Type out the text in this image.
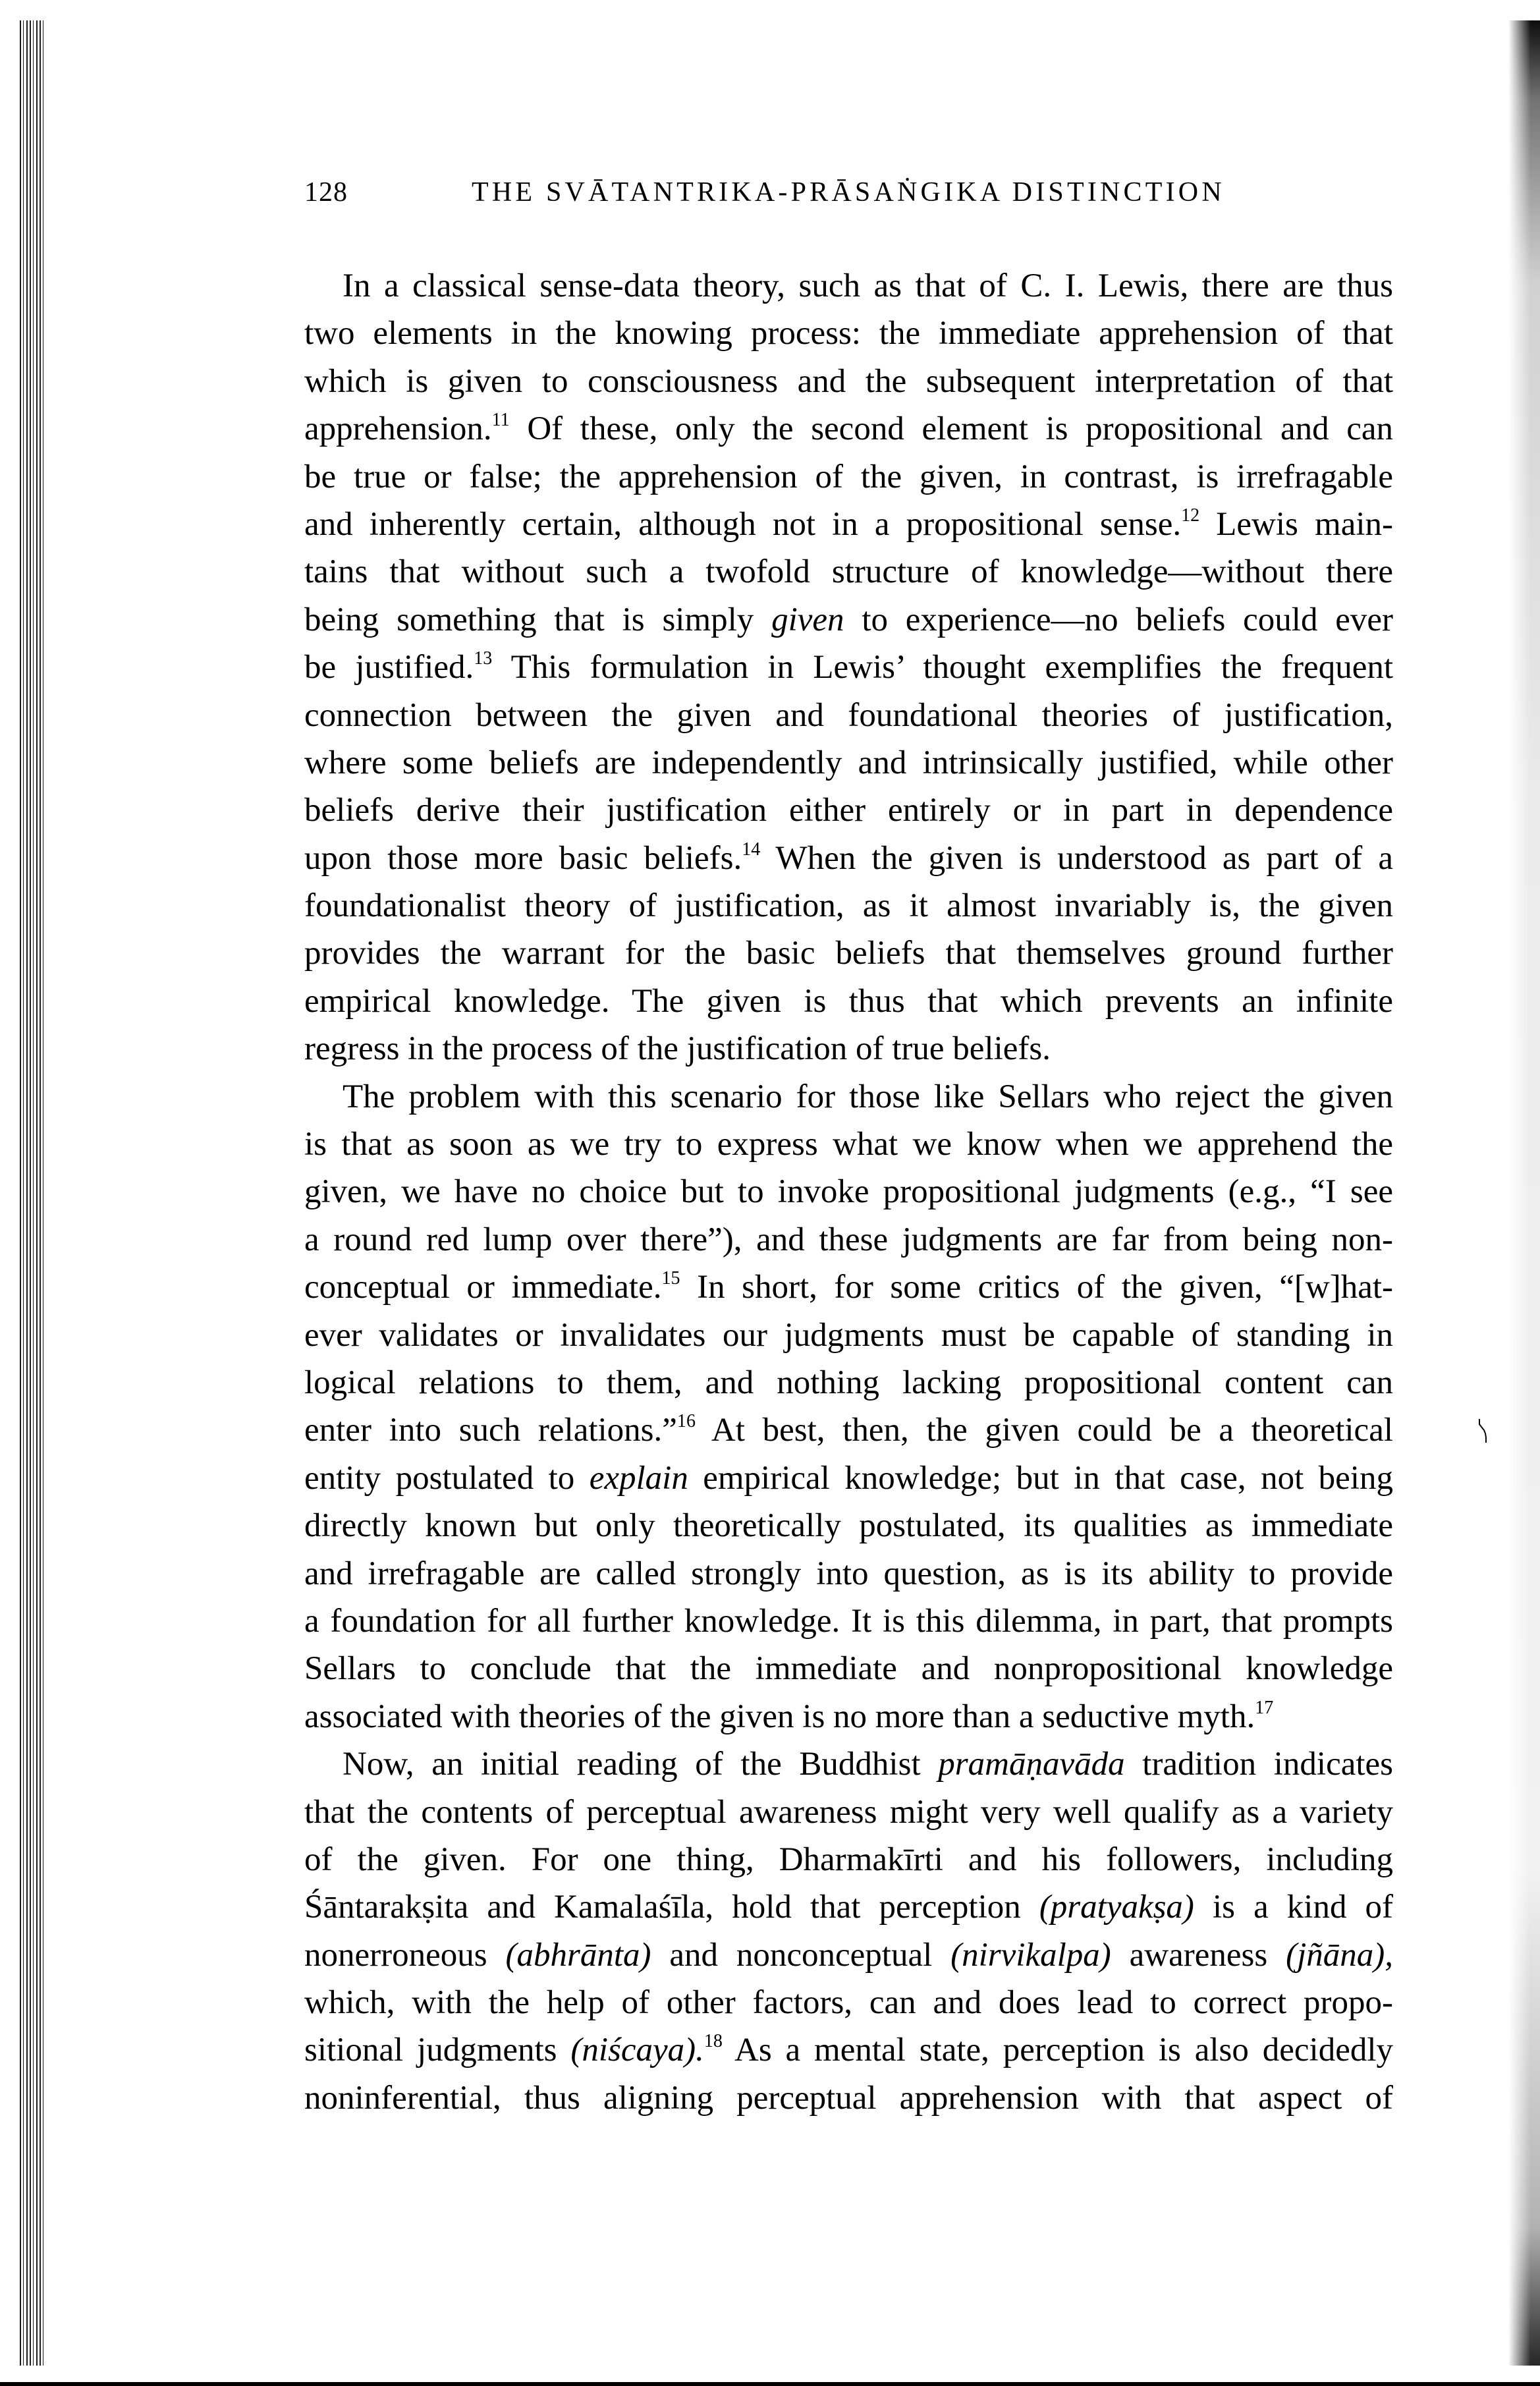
128	THE SVĀTANTRIKA-PRĀSAṄGIKA DISTINCTION
In a classical sense-data theory, such as that of C. I. Lewis, there are thus
two elements in the knowing process: the immediate apprehension of that
which is given to consciousness and the subsequent interpretation of that
apprehension.$^{11}$ Of these, only the second element is propositional and can
be true or false; the apprehension of the given, in contrast, is irrefragable
and inherently certain, although not in a propositional sense.$^{12}$ Lewis main-
tains that without such a twofold structure of knowledge—without there
being something that is simply given to experience—no beliefs could ever
be justified.$^{13}$ This formulation in Lewis’ thought exemplifies the frequent
connection between the given and foundational theories of justification,
where some beliefs are independently and intrinsically justified, while other
beliefs derive their justification either entirely or in part in dependence
upon those more basic beliefs.$^{14}$ When the given is understood as part of a
foundationalist theory of justification, as it almost invariably is, the given
provides the warrant for the basic beliefs that themselves ground further
empirical knowledge. The given is thus that which prevents an infinite
regress in the process of the justification of true beliefs.
The problem with this scenario for those like Sellars who reject the given
is that as soon as we try to express what we know when we apprehend the
given, we have no choice but to invoke propositional judgments (e.g., “I see
a round red lump over there”), and these judgments are far from being non-
conceptual or immediate.$^{15}$ In short, for some critics of the given, “[w]hat-
ever validates or invalidates our judgments must be capable of standing in
logical relations to them, and nothing lacking propositional content can
enter into such relations.”$^{16}$ At best, then, the given could be a theoretical
entity postulated to explain empirical knowledge; but in that case, not being
directly known but only theoretically postulated, its qualities as immediate
and irrefragable are called strongly into question, as is its ability to provide
a foundation for all further knowledge. It is this dilemma, in part, that prompts
Sellars to conclude that the immediate and nonpropositional knowledge
associated with theories of the given is no more than a seductive myth.$^{17}$
Now, an initial reading of the Buddhist pramāṇavāda tradition indicates
that the contents of perceptual awareness might very well qualify as a variety
of the given. For one thing, Dharmakīrti and his followers, including
Śāntarakṣita and Kamalaśīla, hold that perception (pratyakṣa) is a kind of
nonerroneous (abhrānta) and nonconceptual (nirvikalpa) awareness (jñāna),
which, with the help of other factors, can and does lead to correct propo-
sitional judgments (niścaya).$^{18}$ As a mental state, perception is also decidedly
noninferential, thus aligning perceptual apprehension with that aspect of
